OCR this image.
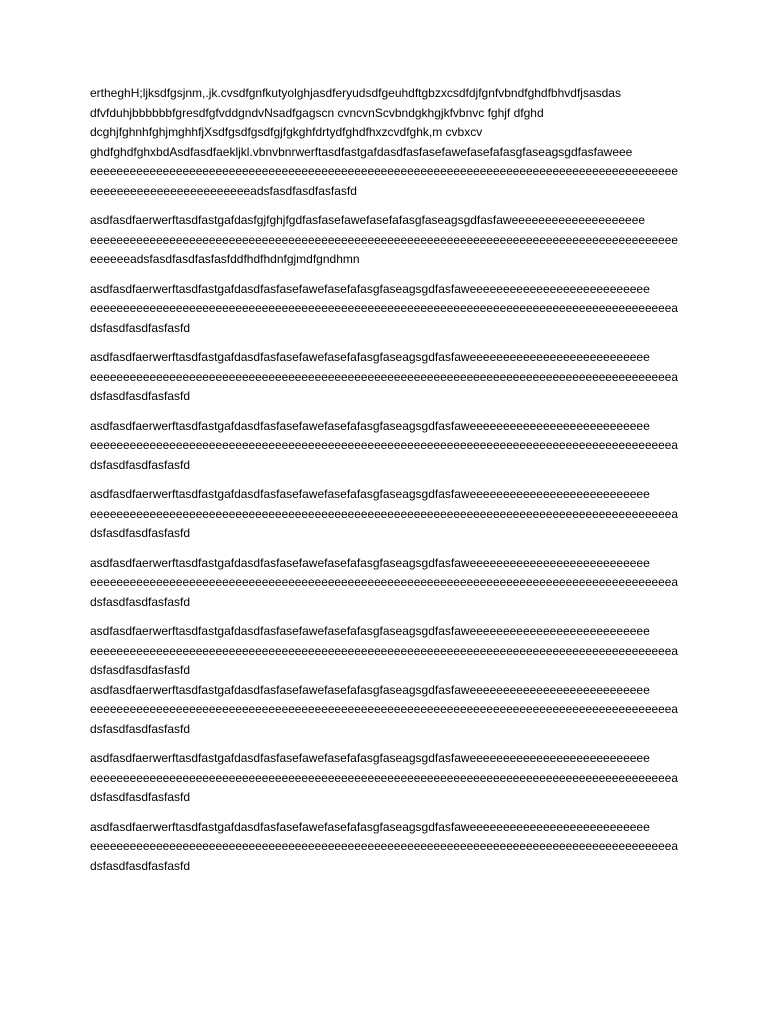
ertheghH;ljksdfgsjnm,.jk.cvsdfgnfkutyolghjasdferyudsdfgeuhdftgbzxcsdfdjfgnfvbndfghdfbhvdfjsasdas
dfvfduhjbbbbbbfgresdfgfvddgndvNsadfgagscn cvncvnScvbndgkhgjkfvbnvc fghjf dfghd
dcghjfghnhfghjmghhfjXsdfgsdfgsdfgjfgkghfdrtydfghdfhxzcvdfghk,m cvbxcv
ghdfghdfghxbdAsdfasdfaekljkl.vbnvbnrwerftasdfastgafdasdfasfasefawefasefafasgfaseagsgdfasfaweee
eeeeeeeeeeeeeeeeeeeeeeeeeeeeeeeeeeeeeeeeeeeeeeeeeeeeeeeeeeeeeeeeeeeeeeeeeeeeeeeeeeeeeeeee
eeeeeeeeeeeeeeeeeeeeeeeeadsfasdfasdfasfasfd
asdfasdfaerwerftasdfastgafdasfgjfghjfgdfasfasefawefasefafasgfaseagsgdfasfaweeeeeeeeeeeeeeeeeeee
eeeeeeeeeeeeeeeeeeeeeeeeeeeeeeeeeeeeeeeeeeeeeeeeeeeeeeeeeeeeeeeeeeeeeeeeeeeeeeeeeeeeeeeee
eeeeeeadsfasdfasdfasfasfddfhdfhdnfgjmdfgndhmn
asdfasdfaerwerftasdfastgafdasdfasfasefawefasefafasgfaseagsgdfasfaweeeeeeeeeeeeeeeeeeeeeeeeeee
eeeeeeeeeeeeeeeeeeeeeeeeeeeeeeeeeeeeeeeeeeeeeeeeeeeeeeeeeeeeeeeeeeeeeeeeeeeeeeeeeeeeeeeea
dsfasdfasdfasfasfd
asdfasdfaerwerftasdfastgafdasdfasfasefawefasefafasgfaseagsgdfasfaweeeeeeeeeeeeeeeeeeeeeeeeeee
eeeeeeeeeeeeeeeeeeeeeeeeeeeeeeeeeeeeeeeeeeeeeeeeeeeeeeeeeeeeeeeeeeeeeeeeeeeeeeeeeeeeeeeea
dsfasdfasdfasfasfd
asdfasdfaerwerftasdfastgafdasdfasfasefawefasefafasgfaseagsgdfasfaweeeeeeeeeeeeeeeeeeeeeeeeeee
eeeeeeeeeeeeeeeeeeeeeeeeeeeeeeeeeeeeeeeeeeeeeeeeeeeeeeeeeeeeeeeeeeeeeeeeeeeeeeeeeeeeeeeea
dsfasdfasdfasfasfd
asdfasdfaerwerftasdfastgafdasdfasfasefawefasefafasgfaseagsgdfasfaweeeeeeeeeeeeeeeeeeeeeeeeeee
eeeeeeeeeeeeeeeeeeeeeeeeeeeeeeeeeeeeeeeeeeeeeeeeeeeeeeeeeeeeeeeeeeeeeeeeeeeeeeeeeeeeeeeea
dsfasdfasdfasfasfd
asdfasdfaerwerftasdfastgafdasdfasfasefawefasefafasgfaseagsgdfasfaweeeeeeeeeeeeeeeeeeeeeeeeeee
eeeeeeeeeeeeeeeeeeeeeeeeeeeeeeeeeeeeeeeeeeeeeeeeeeeeeeeeeeeeeeeeeeeeeeeeeeeeeeeeeeeeeeeea
dsfasdfasdfasfasfd
asdfasdfaerwerftasdfastgafdasdfasfasefawefasefafasgfaseagsgdfasfaweeeeeeeeeeeeeeeeeeeeeeeeeee
eeeeeeeeeeeeeeeeeeeeeeeeeeeeeeeeeeeeeeeeeeeeeeeeeeeeeeeeeeeeeeeeeeeeeeeeeeeeeeeeeeeeeeeea
dsfasdfasdfasfasfd
asdfasdfaerwerftasdfastgafdasdfasfasefawefasefafasgfaseagsgdfasfaweeeeeeeeeeeeeeeeeeeeeeeeeee
eeeeeeeeeeeeeeeeeeeeeeeeeeeeeeeeeeeeeeeeeeeeeeeeeeeeeeeeeeeeeeeeeeeeeeeeeeeeeeeeeeeeeeeea
dsfasdfasdfasfasfd
asdfasdfaerwerftasdfastgafdasdfasfasefawefasefafasgfaseagsgdfasfaweeeeeeeeeeeeeeeeeeeeeeeeeee
eeeeeeeeeeeeeeeeeeeeeeeeeeeeeeeeeeeeeeeeeeeeeeeeeeeeeeeeeeeeeeeeeeeeeeeeeeeeeeeeeeeeeeeea
dsfasdfasdfasfasfd
asdfasdfaerwerftasdfastgafdasdfasfasefawefasefafasgfaseagsgdfasfaweeeeeeeeeeeeeeeeeeeeeeeeeee
eeeeeeeeeeeeeeeeeeeeeeeeeeeeeeeeeeeeeeeeeeeeeeeeeeeeeeeeeeeeeeeeeeeeeeeeeeeeeeeeeeeeeeeea
dsfasdfasdfasfasfd
